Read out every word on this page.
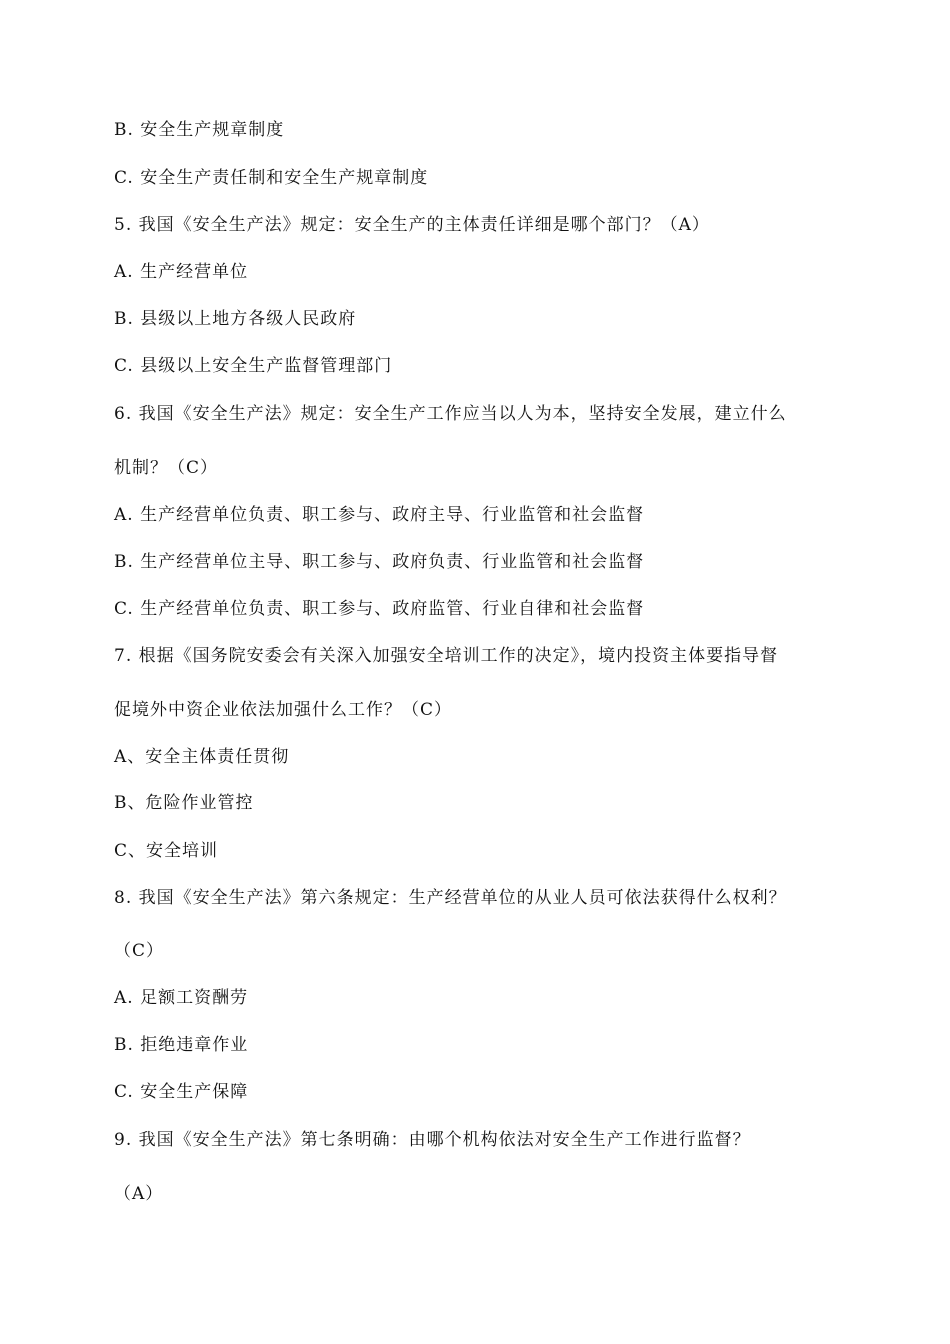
B. 安全生产规章制度
C. 安全生产责任制和安全生产规章制度
5. 我国《安全生产法》规定：安全生产的主体责任详细是哪个部门？（A）
A. 生产经营单位
B. 县级以上地方各级人民政府
C. 县级以上安全生产监督管理部门
6. 我国《安全生产法》规定：安全生产工作应当以人为本，坚持安全发展，建立什么
机制？（C）
A. 生产经营单位负责、职工参与、政府主导、行业监管和社会监督
B. 生产经营单位主导、职工参与、政府负责、行业监管和社会监督
C. 生产经营单位负责、职工参与、政府监管、行业自律和社会监督
7. 根据《国务院安委会有关深入加强安全培训工作的决定》，境内投资主体要指导督
促境外中资企业依法加强什么工作？（C）
A、安全主体责任贯彻
B、危险作业管控
C、安全培训
8. 我国《安全生产法》第六条规定：生产经营单位的从业人员可依法获得什么权利？
（C）
A. 足额工资酬劳
B. 拒绝违章作业
C. 安全生产保障
9. 我国《安全生产法》第七条明确：由哪个机构依法对安全生产工作进行监督？
（A）
